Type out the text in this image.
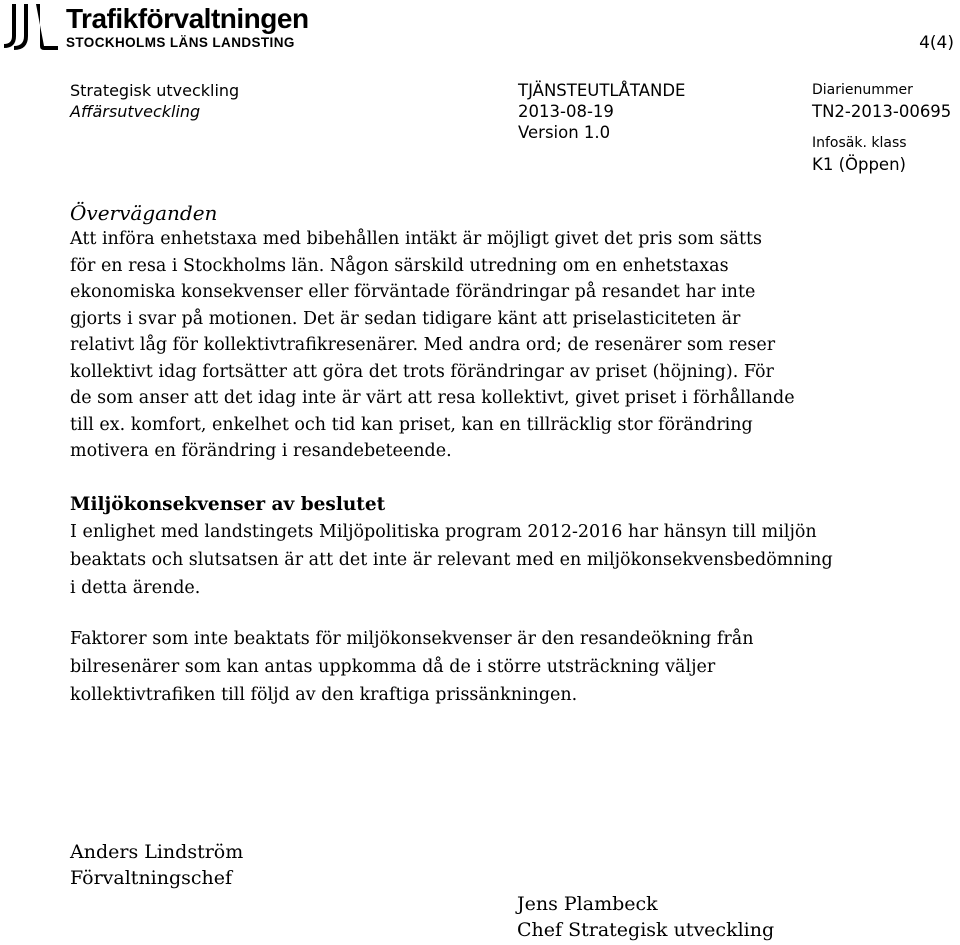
Trafikförvaltningen
STOCKHOLMS LÄNS LANDSTING	4(4)
Strategisk utveckling
Affärsutveckling
TJÄNSTEUTLÅTANDE
2013-08-19
Version 1.0
Diarienummer
TN2-2013-00695
Infosäk. klass
K1 (Öppen)

Överväganden

Att införa enhetstaxa med bibehållen intäkt är möjligt givet det pris som sätts

för en resa i Stockholms län. Någon särskild utredning om en enhetstaxas

ekonomiska konsekvenser eller förväntade förändringar på resandet har inte

gjorts i svar på motionen. Det är sedan tidigare känt att priselasticiteten är

relativt låg för kollektivtrafikresenärer. Med andra ord; de resenärer som reser

kollektivt idag fortsätter att göra det trots förändringar av priset (höjning). För

de som anser att det idag inte är värt att resa kollektivt, givet priset i förhållande

till ex. komfort, enkelhet och tid kan priset, kan en tillräcklig stor förändring

motivera en förändring i resandebeteende.

Miljökonsekvenser av beslutet

I enlighet med landstingets Miljöpolitiska program 2012-2016 har hänsyn till miljön

beaktats och slutsatsen är att det inte är relevant med en miljökonsekvensbedömning

i detta ärende.

Faktorer som inte beaktats för miljökonsekvenser är den resandeökning från

bilresenärer som kan antas uppkomma då de i större utsträckning väljer

kollektivtrafiken till följd av den kraftiga prissänkningen.

Anders Lindström
Förvaltningschef
Jens Plambeck
Chef Strategisk utveckling
